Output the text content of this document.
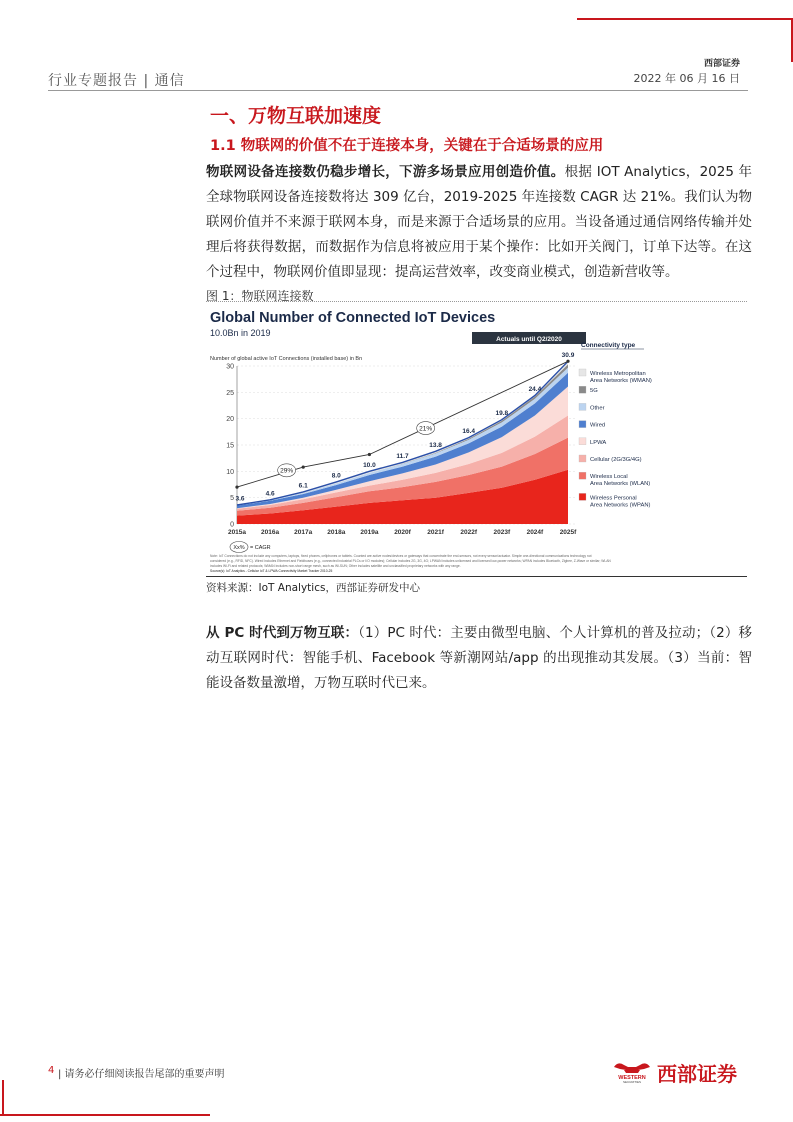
行业专题报告 | 通信
西部证券
2022 年 06 月 16 日
一、万物互联加速度
1.1 物联网的价值不在于连接本身，关键在于合适场景的应用
物联网设备连接数仍稳步增长，下游多场景应用创造价值。根据 IOT Analytics，2025 年全球物联网设备连接数将达 309 亿台，2019-2025 年连接数 CAGR 达 21%。我们认为物联网价值并不来源于联网本身，而是来源于合适场景的应用。当设备通过通信网络传输并处理后将获得数据，而数据作为信息将被应用于某个操作：比如开关阀门，订单下达等。在这个过程中，物联网价值即显现：提高运营效率，改变商业模式，创造新营收等。
图 1：物联网连接数
Global Number of Connected IoT Devices
10.0Bn in 2019
Number of global active IoT Connections (installed base) in Bn
Actuals until Q2/2020
Connectivity type
0
5
10
15
20
25
30
29%
21%
3.6
4.6
6.1
8.0
10.0
11.7
13.8
16.4
19.8
24.4
30.9
2015a 2016a 2017a 2018a 2019a 2020f	2021f	2022f	2023f	2024f	2025f
Xx% = CAGR
Wireless Metropolitan
Area Networks (WMAN)
5G
Other
Wired
LPWA
Cellular (2G/3G/4G)
Wireless Local
Area Networks (WLAN)
Wireless Personal
Area Networks (WPAN)
Note: IoT Connections do not include any computers, laptops, fixed phones, cellphones or tablets. Counted are active nodes/devices or gateways that concentrate the end-sensors, not every sensor/actuator. Simple one-directional communications technology not
considered (e.g., RFID, NFC). Wired includes Ethernet and Fieldbuses (e.g., connected industrial PLCs or I/O modules); Cellular includes 2G, 3G, 4G; LPWAN includes unlicensed and licensed low-power networks; WPAN includes Bluetooth, Zigbee, Z-Wave or similar; WLAN
includes Wi-Fi and related protocols; WMAN includes non-short range mesh, such as Wi-SUN; Other includes satellite and unclassified proprietary networks with any range.
Source(s): IoT Analytics - Cellular IoT & LPWA Connectivity Market Tracker 2010-25
资料来源：IoT Analytics，西部证券研发中心
从 PC 时代到万物互联：（1）PC 时代：主要由微型电脑、个人计算机的普及拉动；（2）移动互联网时代：智能手机、Facebook 等新潮网站/app 的出现推动其发展。（3）当前：智能设备数量激增，万物互联时代已来。
4 | 请务必仔细阅读报告尾部的重要声明	WESTERN
SECURITIES 西部证券
